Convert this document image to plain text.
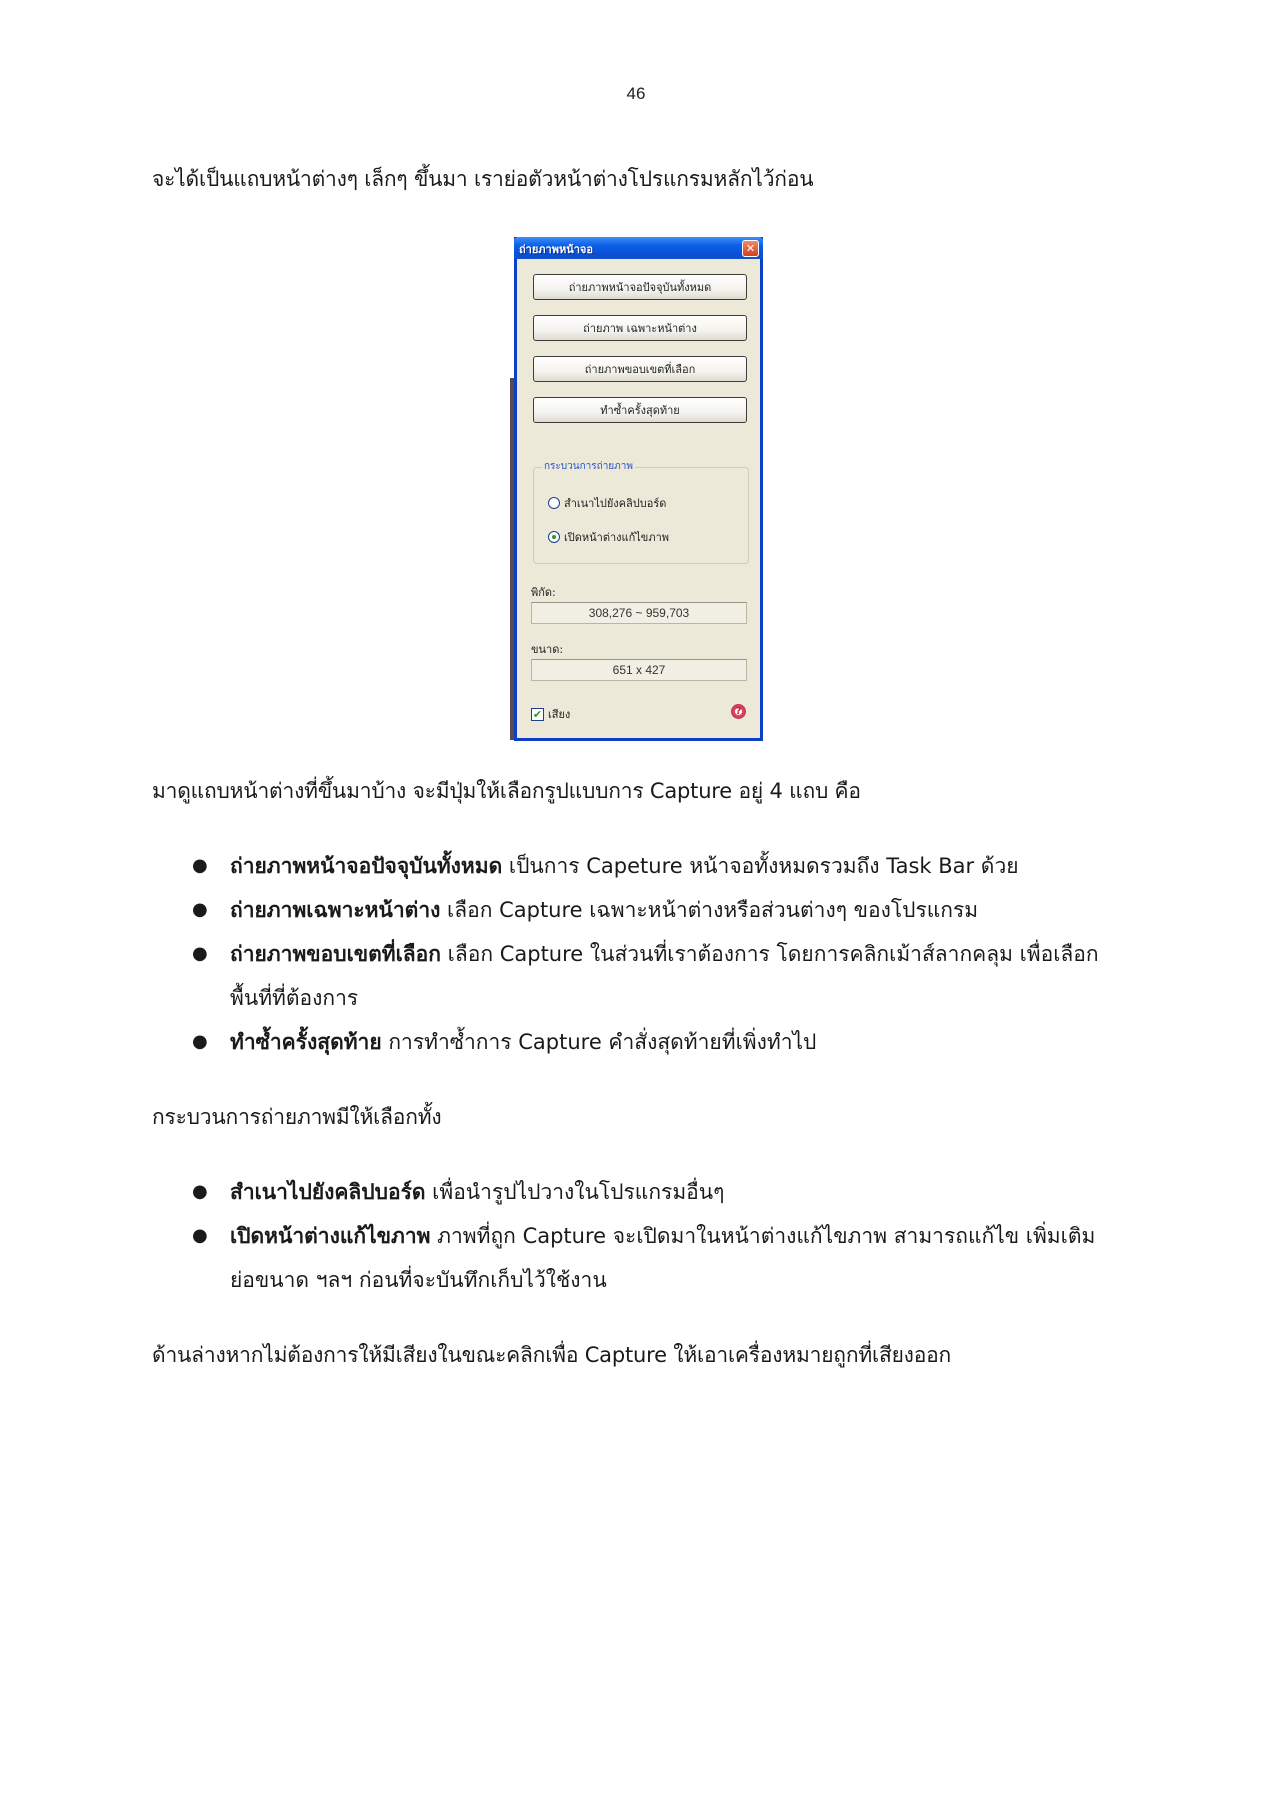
46
จะได้เป็นแถบหน้าต่างๆ เล็กๆ ขึ้นมา เราย่อตัวหน้าต่างโปรแกรมหลักไว้ก่อน
ถ่ายภาพหน้าจอ	✕
ถ่ายภาพหน้าจอปัจจุบันทั้งหมด
ถ่ายภาพ เฉพาะหน้าต่าง
ถ่ายภาพขอบเขตที่เลือก
ทำซ้ำครั้งสุดท้าย
กระบวนการถ่ายภาพ
สำเนาไปยังคลิปบอร์ด
เปิดหน้าต่างแก้ไขภาพ
พิกัด:
308,276 ~ 959,703
ขนาด:
651 x 427
✔ เสียง	?
มาดูแถบหน้าต่างที่ขึ้นมาบ้าง จะมีปุ่มให้เลือกรูปแบบการ Capture อยู่ 4 แถบ คือ
● ถ่ายภาพหน้าจอปัจจุบันทั้งหมด เป็นการ Capeture หน้าจอทั้งหมดรวมถึง Task Bar ด้วย
● ถ่ายภาพเฉพาะหน้าต่าง เลือก Capture เฉพาะหน้าต่างหรือส่วนต่างๆ ของโปรแกรม
● ถ่ายภาพขอบเขตที่เลือก เลือก Capture ในส่วนที่เราต้องการ โดยการคลิกเม้าส์ลากคลุม เพื่อเลือก
พื้นที่ที่ต้องการ
● ทำซ้ำครั้งสุดท้าย การทำซ้ำการ Capture คำสั่งสุดท้ายที่เพิ่งทำไป
กระบวนการถ่ายภาพมีให้เลือกทั้ง
● สำเนาไปยังคลิปบอร์ด เพื่อนำรูปไปวางในโปรแกรมอื่นๆ
● เปิดหน้าต่างแก้ไขภาพ ภาพที่ถูก Capture จะเปิดมาในหน้าต่างแก้ไขภาพ สามารถแก้ไข เพิ่มเติม
ย่อขนาด ฯลฯ ก่อนที่จะบันทึกเก็บไว้ใช้งาน
ด้านล่างหากไม่ต้องการให้มีเสียงในขณะคลิกเพื่อ Capture ให้เอาเครื่องหมายถูกที่เสียงออก
